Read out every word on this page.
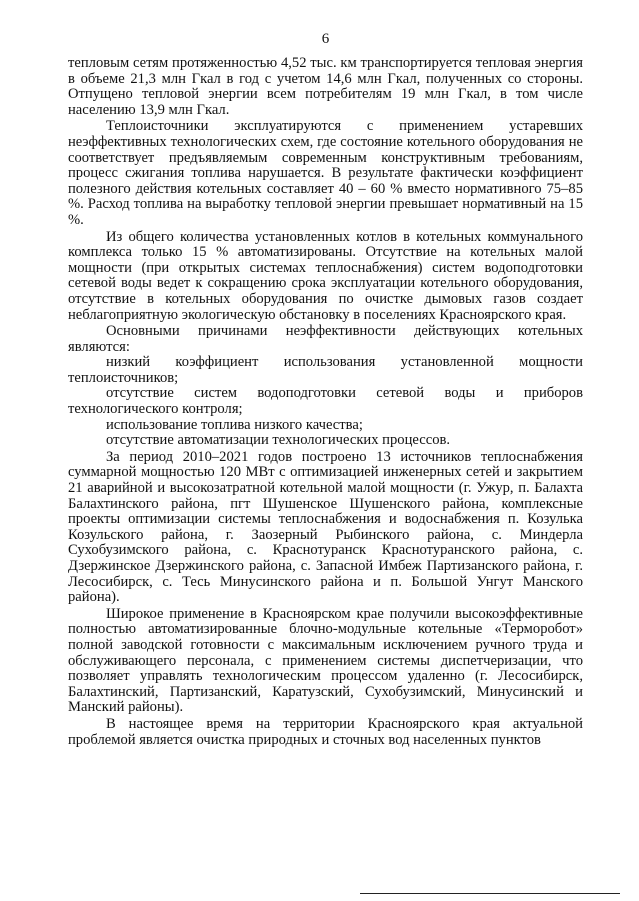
6

тепловым сетям протяженностью 4,52 тыс. км транспортируется тепловая энергия в объеме 21,3 млн Гкал в год с учетом 14,6 млн Гкал, полученных со стороны. Отпущено тепловой энергии всем потребителям 19 млн Гкал, в том числе населению 13,9 млн Гкал.

Теплоисточники эксплуатируются с применением устаревших неэффективных технологических схем, где состояние котельного оборудования не соответствует предъявляемым современным конструктивным требованиям, процесс сжигания топлива нарушается. В результате фактически коэффициент полезного действия котельных составляет 40 – 60 % вместо нормативного 75–85 %. Расход топлива на выработку тепловой энергии превышает нормативный на 15 %.

Из общего количества установленных котлов в котельных коммунального комплекса только 15 % автоматизированы. Отсутствие на котельных малой мощности (при открытых системах теплоснабжения) систем водоподготовки сетевой воды ведет к сокращению срока эксплуатации котельного оборудования, отсутствие в котельных оборудования по очистке дымовых газов создает неблагоприятную экологическую обстановку в поселениях Красноярского края.

Основными причинами неэффективности действующих котельных являются:

низкий коэффициент использования установленной мощности теплоисточников;

отсутствие систем водоподготовки сетевой воды и приборов технологического контроля;

использование топлива низкого качества;

отсутствие автоматизации технологических процессов.

За период 2010–2021 годов построено 13 источников теплоснабжения суммарной мощностью 120 МВт с оптимизацией инженерных сетей и закрытием 21 аварийной и высокозатратной котельной малой мощности (г. Ужур, п. Балахта Балахтинского района, пгт Шушенское Шушенского района, комплексные проекты оптимизации системы теплоснабжения и водоснабжения п. Козулька Козульского района, г. Заозерный Рыбинского района, с. Миндерла Сухобузимского района, с. Краснотуранск Краснотуранского района, с. Дзержинское Дзержинского района, с. Запасной Имбеж Партизанского района, г. Лесосибирск, с. Тесь Минусинского района и п. Большой Унгут Манского района).

Широкое применение в Красноярском крае получили высокоэффективные полностью автоматизированные блочно-модульные котельные «Терморобот» полной заводской готовности с максимальным исключением ручного труда и обслуживающего персонала, с применением системы диспетчеризации, что позволяет управлять технологическим процессом удаленно (г. Лесосибирск, Балахтинский, Партизанский, Каратузский, Сухобузимский, Минусинский и Манский районы).

В настоящее время на территории Красноярского края актуальной проблемой является очистка природных и сточных вод населенных пунктов
